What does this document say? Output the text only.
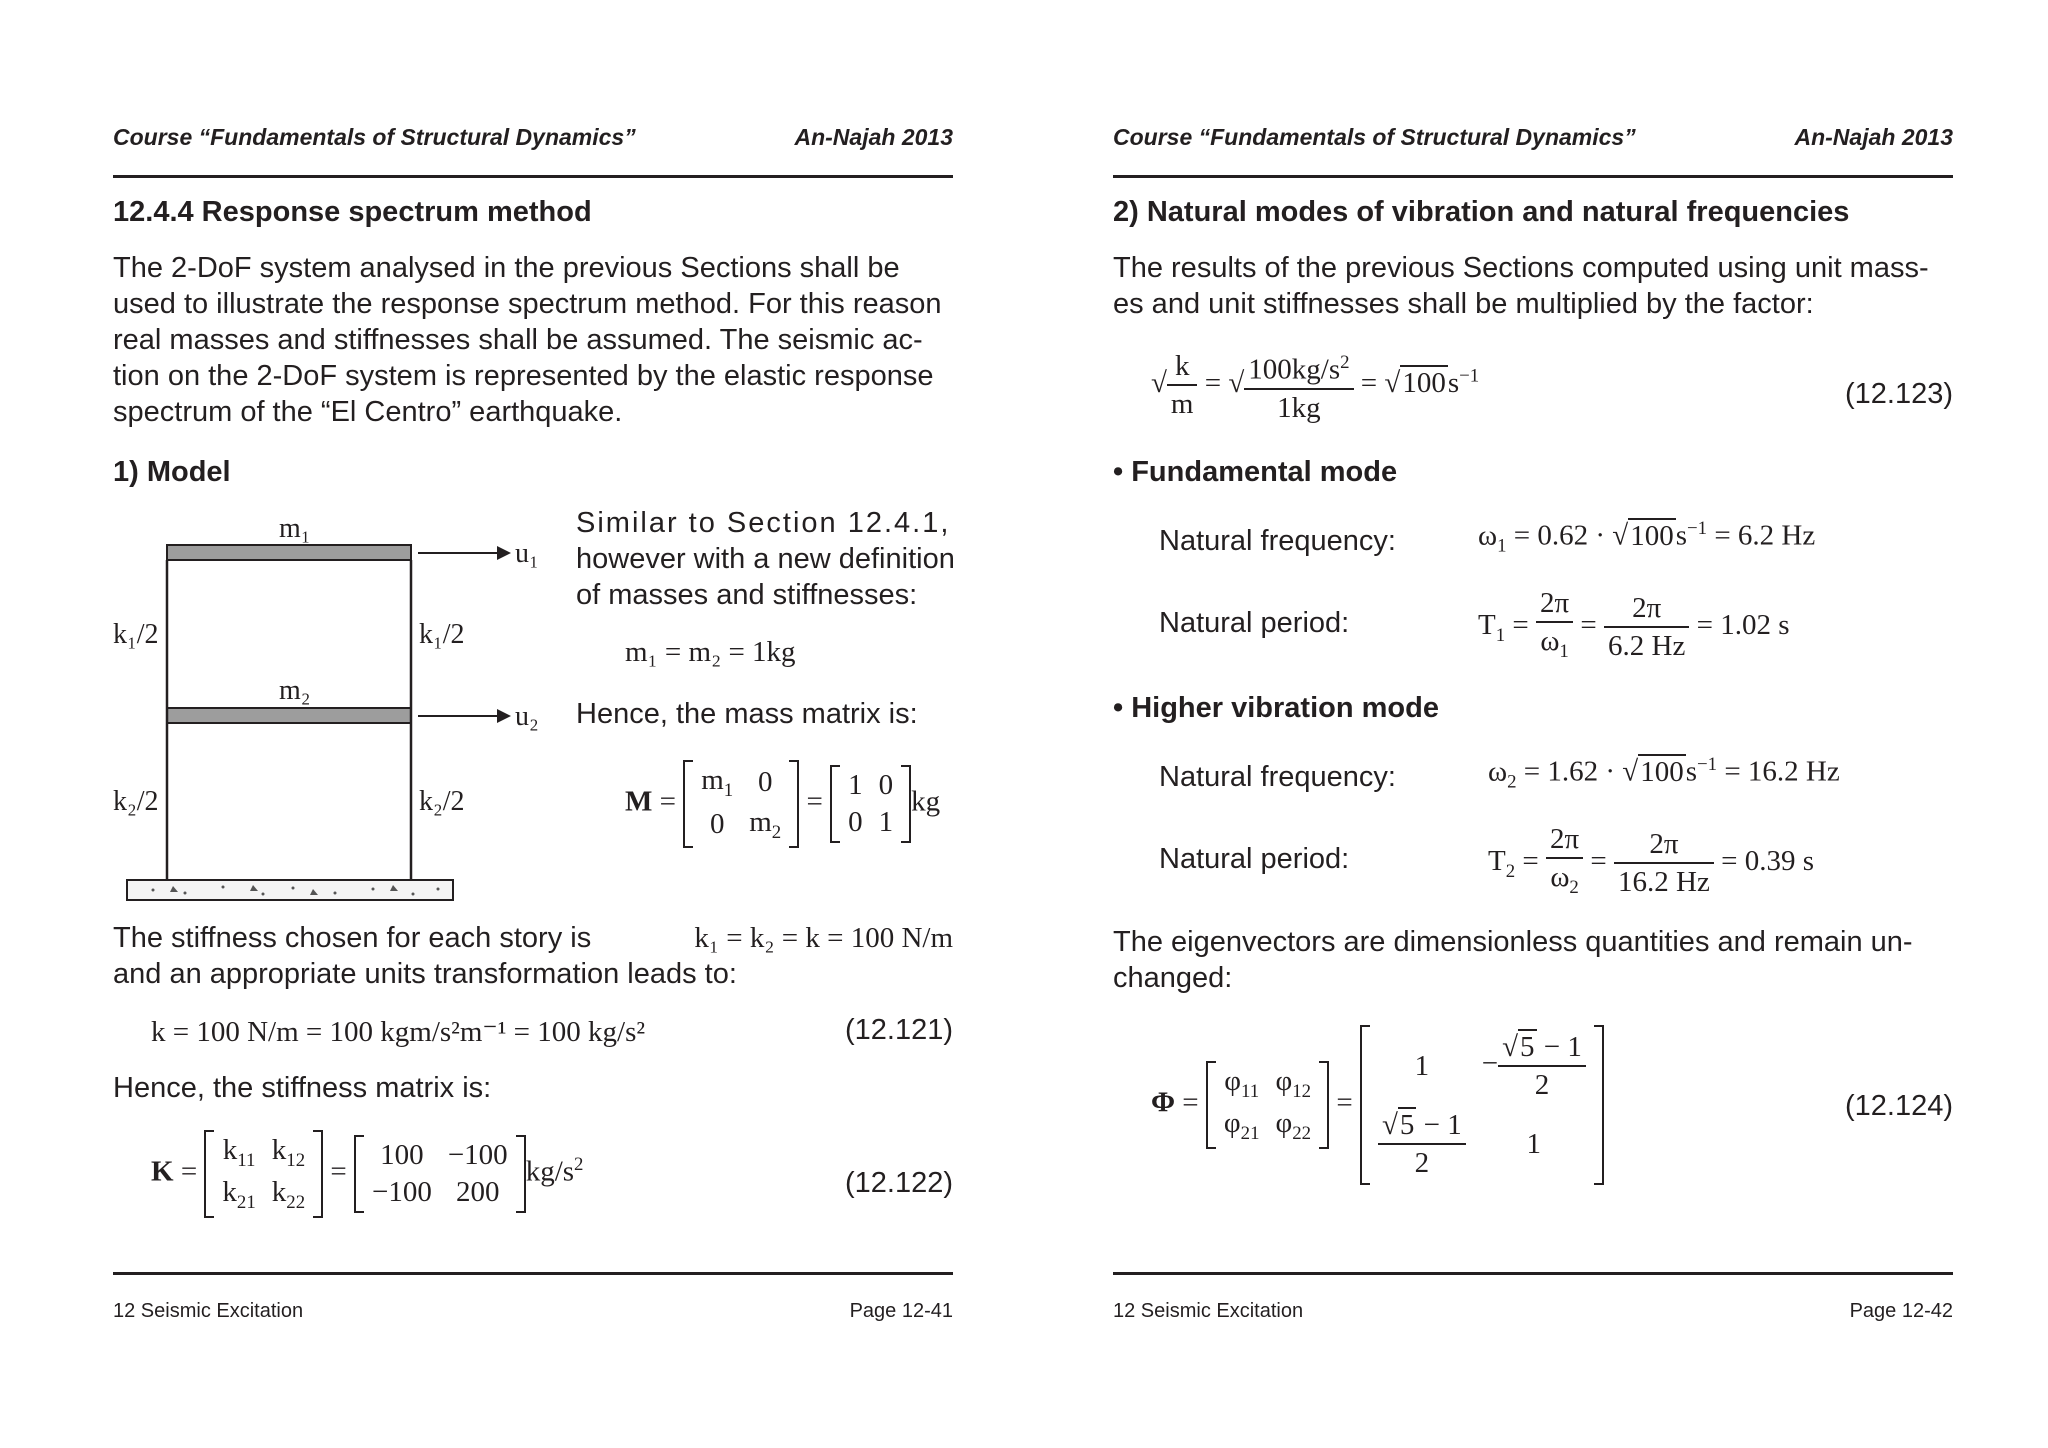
Course “Fundamentals of Structural Dynamics”	An-Najah 2013
12.4.4 Response spectrum method
The 2-DoF system analysed in the previous Sections shall be
used to illustrate the response spectrum method. For this reason
real masses and stiffnesses shall be assumed. The seismic ac-
tion on the 2-DoF system is represented by the elastic response
spectrum of the “El Centro” earthquake.
1) Model
m₁
m₂
u₁
u₂
k₁/2	k₁/2
k₂/2	k₂/2
Similar to Section 12.4.1,
however with a new definition
of masses and stiffnesses:
m₁ = m₂ = 1kg
Hence, the mass matrix is:
M =
$m_1$	0
0	$m_2$
=
1	0
0	1
kg
The stiffness chosen for each story is	k₁ = k₂ = k = 100 N/m
and an appropriate units transformation leads to:
k = 100 N/m = 100 kgm/s²m⁻¹ = 100 kg/s²	(12.121)
Hence, the stiffness matrix is:
K =
$k_{11}$	$k_{12}$
$k_{21}$	$k_{22}$
=
100	−100
−100	200
$kg/s^2$
(12.122)
12 Seismic Excitation	Page 12-41
Course “Fundamentals of Structural Dynamics”	An-Najah 2013
2) Natural modes of vibration and natural frequencies
The results of the previous Sections computed using unit mass-
es and unit stiffnesses shall be multiplied by the factor:
√ $\frac{k}{m}$ = √ $\frac{100kg/s^2}{1kg} = √100s^{-1}$
(12.123)
• Fundamental mode
Natural frequency:	$\omega_1 = 0.62 \cdot √100s^{-1} = 6.2$ Hz
Natural period:	$T_1 = \frac{2\pi}{\omega_1} = \frac{2\pi}{6.2 Hz} = 1.02$ s
• Higher vibration mode
Natural frequency:	$\omega_2 = 1.62 \cdot √100s^{-1} = 16.2$ Hz
Natural period:	$T_2 = \frac{2\pi}{\omega_2} = \frac{2\pi}{16.2 Hz} = 0.39$ s
The eigenvectors are dimensionless quantities and remain un-
changed:
Φ =
$\varphi_{11}$	$\varphi_{12}$
$\varphi_{21}$	$\varphi_{22}$
=
1	− $\frac{√5 - 1}{2}$

$\frac{√5 - 1}{2}$	1
(12.124)
12 Seismic Excitation	Page 12-42
